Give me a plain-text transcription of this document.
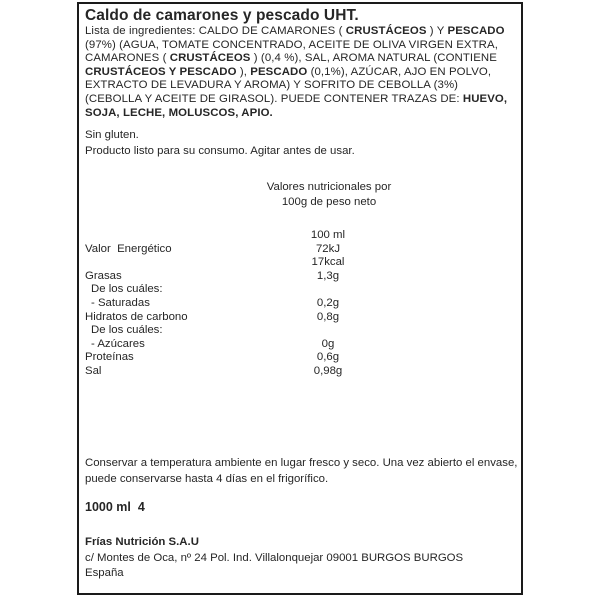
Caldo de camarones y pescado UHT.
Lista de ingredientes: CALDO DE CAMARONES ( CRUSTÁCEOS ) Y PESCADO (97%) (AGUA, TOMATE CONCENTRADO, ACEITE DE OLIVA VIRGEN EXTRA, CAMARONES ( CRUSTÁCEOS ) (0,4 %), SAL, AROMA NATURAL (CONTIENE CRUSTÁCEOS Y PESCADO ), PESCADO (0,1%), AZÚCAR, AJO EN POLVO, EXTRACTO DE LEVADURA Y AROMA) Y SOFRITO DE CEBOLLA (3%) (CEBOLLA Y ACEITE DE GIRASOL). PUEDE CONTENER TRAZAS DE: HUEVO, SOJA, LECHE, MOLUSCOS, APIO.
Sin gluten.
Producto listo para su consumo. Agitar antes de usar.
Valores nutricionales por
100g de peso neto
100 ml
Valor  Energético	72kJ
17kcal
Grasas	1,3g
De los cuáles:
- Saturadas	0,2g
Hidratos de carbono	0,8g
De los cuáles:
- Azúcares	0g
Proteínas	0,6g
Sal	0,98g
Conservar a temperatura ambiente en lugar fresco y seco. Una vez abierto el envase, puede conservarse hasta 4 días en el frigorífico.
1000 ml  4
Frías Nutrición S.A.U
c/ Montes de Oca, nº 24 Pol. Ind. Villalonquejar 09001 BURGOS BURGOS
España
